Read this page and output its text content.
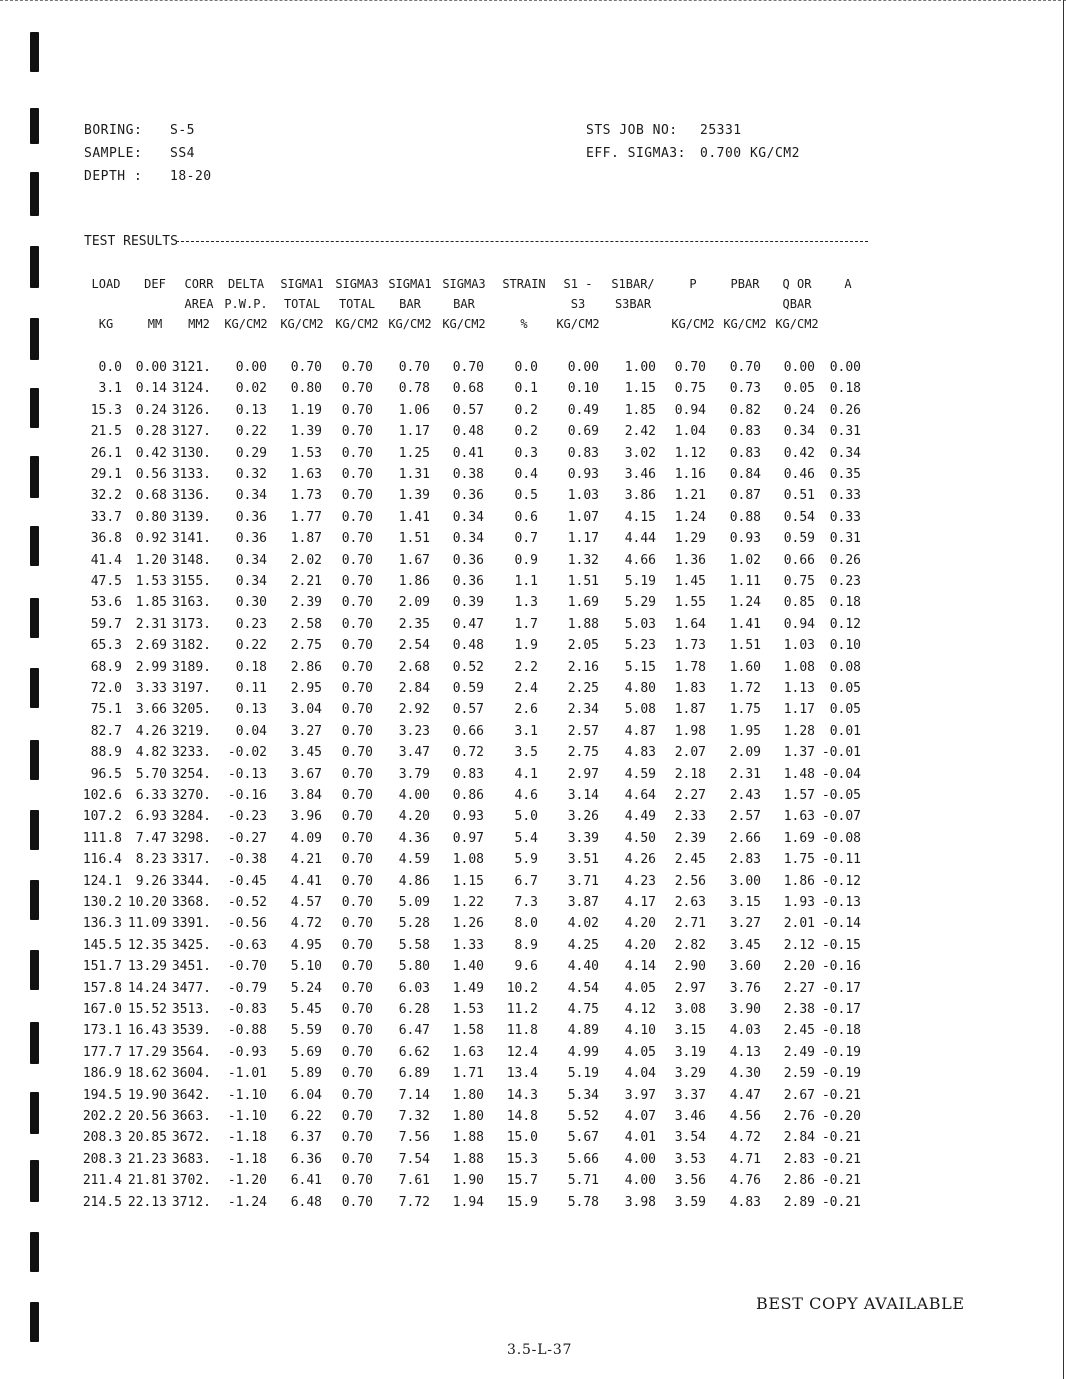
BORING: S-5
SAMPLE: SS4
DEPTH : 18-20
STS JOB NO: 25331
EFF. SIGMA3: 0.700 KG/CM2
TEST RESULTS
LOAD
KG
DEF
MM
CORR
AREA
MM2
DELTA
P.W.P.
KG/CM2
SIGMA1
TOTAL
KG/CM2
SIGMA3
TOTAL
KG/CM2
SIGMA1
BAR
KG/CM2
SIGMA3
BAR
KG/CM2
STRAIN
%
S1 -
S3
KG/CM2
S1BAR/
S3BAR
P
KG/CM2
PBAR
KG/CM2
Q OR
QBAR
KG/CM2
A
0.0 0.00 3121. 0.00 0.70 0.70 0.70 0.70 0.0 0.00 1.00 0.70 0.70 0.00 0.00
3.1 0.14 3124. 0.02 0.80 0.70 0.78 0.68 0.1 0.10 1.15 0.75 0.73 0.05 0.18
15.3 0.24 3126. 0.13 1.19 0.70 1.06 0.57 0.2 0.49 1.85 0.94 0.82 0.24 0.26
21.5 0.28 3127. 0.22 1.39 0.70 1.17 0.48 0.2 0.69 2.42 1.04 0.83 0.34 0.31
26.1 0.42 3130. 0.29 1.53 0.70 1.25 0.41 0.3 0.83 3.02 1.12 0.83 0.42 0.34
29.1 0.56 3133. 0.32 1.63 0.70 1.31 0.38 0.4 0.93 3.46 1.16 0.84 0.46 0.35
32.2 0.68 3136. 0.34 1.73 0.70 1.39 0.36 0.5 1.03 3.86 1.21 0.87 0.51 0.33
33.7 0.80 3139. 0.36 1.77 0.70 1.41 0.34 0.6 1.07 4.15 1.24 0.88 0.54 0.33
36.8 0.92 3141. 0.36 1.87 0.70 1.51 0.34 0.7 1.17 4.44 1.29 0.93 0.59 0.31
41.4 1.20 3148. 0.34 2.02 0.70 1.67 0.36 0.9 1.32 4.66 1.36 1.02 0.66 0.26
47.5 1.53 3155. 0.34 2.21 0.70 1.86 0.36 1.1 1.51 5.19 1.45 1.11 0.75 0.23
53.6 1.85 3163. 0.30 2.39 0.70 2.09 0.39 1.3 1.69 5.29 1.55 1.24 0.85 0.18
59.7 2.31 3173. 0.23 2.58 0.70 2.35 0.47 1.7 1.88 5.03 1.64 1.41 0.94 0.12
65.3 2.69 3182. 0.22 2.75 0.70 2.54 0.48 1.9 2.05 5.23 1.73 1.51 1.03 0.10
68.9 2.99 3189. 0.18 2.86 0.70 2.68 0.52 2.2 2.16 5.15 1.78 1.60 1.08 0.08
72.0 3.33 3197. 0.11 2.95 0.70 2.84 0.59 2.4 2.25 4.80 1.83 1.72 1.13 0.05
75.1 3.66 3205. 0.13 3.04 0.70 2.92 0.57 2.6 2.34 5.08 1.87 1.75 1.17 0.05
82.7 4.26 3219. 0.04 3.27 0.70 3.23 0.66 3.1 2.57 4.87 1.98 1.95 1.28 0.01
88.9 4.82 3233. -0.02 3.45 0.70 3.47 0.72 3.5 2.75 4.83 2.07 2.09 1.37 -0.01
96.5 5.70 3254. -0.13 3.67 0.70 3.79 0.83 4.1 2.97 4.59 2.18 2.31 1.48 -0.04
102.6 6.33 3270. -0.16 3.84 0.70 4.00 0.86 4.6 3.14 4.64 2.27 2.43 1.57 -0.05
107.2 6.93 3284. -0.23 3.96 0.70 4.20 0.93 5.0 3.26 4.49 2.33 2.57 1.63 -0.07
111.8 7.47 3298. -0.27 4.09 0.70 4.36 0.97 5.4 3.39 4.50 2.39 2.66 1.69 -0.08
116.4 8.23 3317. -0.38 4.21 0.70 4.59 1.08 5.9 3.51 4.26 2.45 2.83 1.75 -0.11
124.1 9.26 3344. -0.45 4.41 0.70 4.86 1.15 6.7 3.71 4.23 2.56 3.00 1.86 -0.12
130.2 10.20 3368. -0.52 4.57 0.70 5.09 1.22 7.3 3.87 4.17 2.63 3.15 1.93 -0.13
136.3 11.09 3391. -0.56 4.72 0.70 5.28 1.26 8.0 4.02 4.20 2.71 3.27 2.01 -0.14
145.5 12.35 3425. -0.63 4.95 0.70 5.58 1.33 8.9 4.25 4.20 2.82 3.45 2.12 -0.15
151.7 13.29 3451. -0.70 5.10 0.70 5.80 1.40 9.6 4.40 4.14 2.90 3.60 2.20 -0.16
157.8 14.24 3477. -0.79 5.24 0.70 6.03 1.49 10.2 4.54 4.05 2.97 3.76 2.27 -0.17
167.0 15.52 3513. -0.83 5.45 0.70 6.28 1.53 11.2 4.75 4.12 3.08 3.90 2.38 -0.17
173.1 16.43 3539. -0.88 5.59 0.70 6.47 1.58 11.8 4.89 4.10 3.15 4.03 2.45 -0.18
177.7 17.29 3564. -0.93 5.69 0.70 6.62 1.63 12.4 4.99 4.05 3.19 4.13 2.49 -0.19
186.9 18.62 3604. -1.01 5.89 0.70 6.89 1.71 13.4 5.19 4.04 3.29 4.30 2.59 -0.19
194.5 19.90 3642. -1.10 6.04 0.70 7.14 1.80 14.3 5.34 3.97 3.37 4.47 2.67 -0.21
202.2 20.56 3663. -1.10 6.22 0.70 7.32 1.80 14.8 5.52 4.07 3.46 4.56 2.76 -0.20
208.3 20.85 3672. -1.18 6.37 0.70 7.56 1.88 15.0 5.67 4.01 3.54 4.72 2.84 -0.21
208.3 21.23 3683. -1.18 6.36 0.70 7.54 1.88 15.3 5.66 4.00 3.53 4.71 2.83 -0.21
211.4 21.81 3702. -1.20 6.41 0.70 7.61 1.90 15.7 5.71 4.00 3.56 4.76 2.86 -0.21
214.5 22.13 3712. -1.24 6.48 0.70 7.72 1.94 15.9 5.78 3.98 3.59 4.83 2.89 -0.21
BEST COPY AVAILABLE
3.5-L-37
